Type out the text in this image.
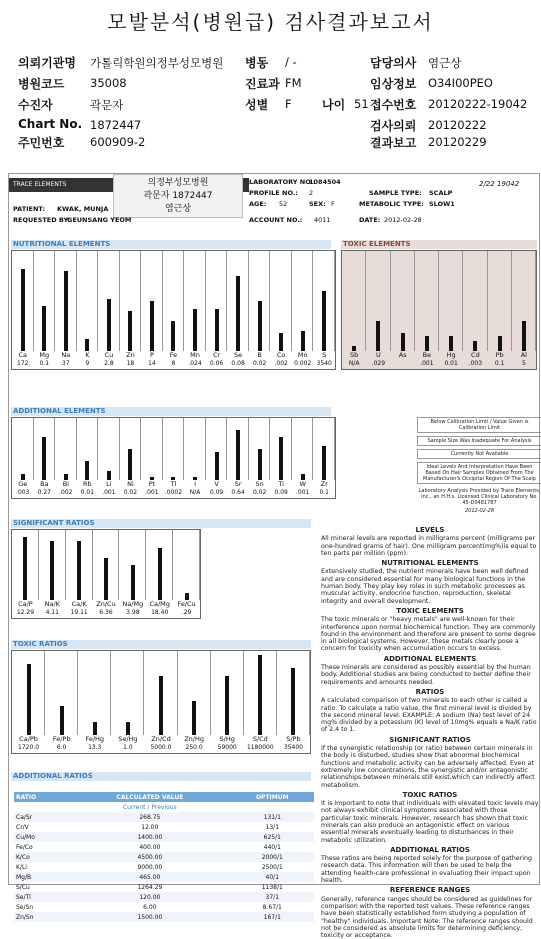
모발분석(병원급) 검사결과보고서
의뢰기관명 가톨릭학원의정부성모병원
병원코드 35008
수진자	곽문자
Chart No. 1872447
주민번호 600909-2
병동 / -
진료과 FM
성별 F	나이 51
담당의사 염근상
임상정보 O34I00PEO
접수번호 20120222-19042
검사의뢰 20120222
결과보고 20120229
TRACE ELEMENTS	의정부성모병원
곽문자 1872447
염근상
2/22 19042
PATIENT: KWAK, MUNJA
REQUESTED BY:
GEUNSANG YEOM
LABORATORY NO.:
1084504
PROFILE NO.: 2
AGE: 52	SEX: F
ACCOUNT NO.: 4011	DATE: 2012-02-28
SAMPLE TYPE: SCALP
METABOLIC TYPE: SLOW1
NUTRITIONAL ELEMENTS	TOXIC ELEMENTS
Ca
172
Mg
0.1
Na
37
K
9
Cu
2.8
Zn
18
P
14
Fe
8
Mn
.024
Cr
0.06
Se
0.08
B
0.02
Co
.002
Mo
0.002
S
3540
Sb
N/A
U
.029
As	Be
.001
Hg
0.01
Cd
.003
Pb
0.1
Al
5
ADDITIONAL ELEMENTS
Ge
.003
Ba
0.27
Bi
.002
Rb
0.01
Li
.001
Ni
0.02
Pt
.001
Tl
.0002
I
N/A
V
0.09
Sr
0.64
Sn
0.02
Ti
0.09
W
.001
Zr
0.1
Below Calibration Limit / Value Given is Calibration Limit
Sample Size Was Inadequate For Analysis
Currently Not Available
Ideal Levels And Interpretation Have Been Based On Hair Samples Obtained From The Manufacturer's Occipital Region Of The Scalp
Laboratory Analysis Provided by Trace Elements, Inc., an H.H.s. Licensed Clinical Laboratory No. 45-D0481787
2012-02-28
SIGNIFICANT RATIOS
Ca/P
12.29
Na/K
4.11
Ca/K
19.11
Zn/Cu
6.36
Na/Mg
3.98
Ca/Mg
18.40
Fe/Cu
.29
TOXIC RATIOS
Ca/Pb
1720.0
Fe/Pb
6.0
Fe/Hg
13.3
Se/Hg
1.0
Zn/Cd
5000.0
Zn/Hg
250.0
S/Hg
59000
S/Cd
1180000
S/Pb
35400
ADDITIONAL RATIOS
RATIO	CALCULATED VALUE	OPTIMUM
	Current / Previous	
Ca/Sr	268.75	131/1
Cr/V	12.00	13/1
Cu/Mo	1400.00	625/1
Fe/Co	400.00	440/1
K/Co	4500.00	2000/1
K/Li	9000.00	2500/1
Mg/B	465.00	40/1
S/Cu	1264.29	1138/1
Se/Tl	120.00	37/1
Se/Sn	6.00	8.67/1
Zn/Sn	1500.00	167/1
LEVELS

All mineral levels are reported in milligrams percent (milligrams per one-hundred grams of hair). One milligram percent(mg%)is equal to ten parts per million (ppm).

NUTRITIONAL ELEMENTS

Extensively studied, the nutrient minerals have been well defined and are considered essential for many biological functions in the human body. They play key roles in such metabolic processes as muscular activity, endocrine function, reproduction, skeletal integrity and overall development.

TOXIC ELEMENTS

The toxic minerals or "heavy metals" are well-known for their interference upon normal biochemical function. They are commonly found in the environment and therefore are present to some degree in all biological systems. However, these metals clearly pose a concern for toxicity when accumulation occurs to excess.

ADDITIONAL ELEMENTS

These minerals are considered as possibly essential by the human body. Additional studies are being conducted to better define their requirements and amounts needed.

RATIOS

A calculated comparison of two minerals to each other is called a ratio. To calculate a ratio value, the first mineral level is divided by the second mineral level. EXAMPLE: A sodium (Na) test level of 24 mg% divided by a potassium (K) level of 10mg% equals a Na/K ratio of 2.4 to 1.

SIGNIFICANT RATIOS

If the synergistic relationship (or ratio) between certain minerals in the body is disturbed, studies show that abnormal biochemical functions and metabolic activity can be adversely affected. Even at extremely low concentrations, the synergistic and/or antagonistic relationships between minerals still exist,which can indirectly affect metabolism.

TOXIC RATIOS

It is important to note that individuals with elevated toxic levels may not always exhibit clinical symptoms associated with those particular toxic minerals. However, research has shown that toxic minerals can also produce an antagonistic effect on various essential minerals eventually leading to disturbances in their metabolic utilization.

ADDITIONAL RATIOS

These ratios are being reported solely for the purpose of gathering research data. This information will then be used to help the attending health-care professional in evaluating their impact upon health.

REFERENCE RANGES

Generally, reference ranges should be considered as guidelines for comparison with the reported test values. These reference ranges have been statistically established form studying a population of "healthy" individuals. Important Note: The reference ranges should not be considered as absolute limits for determining deficiency, toxicity or acceptance.
